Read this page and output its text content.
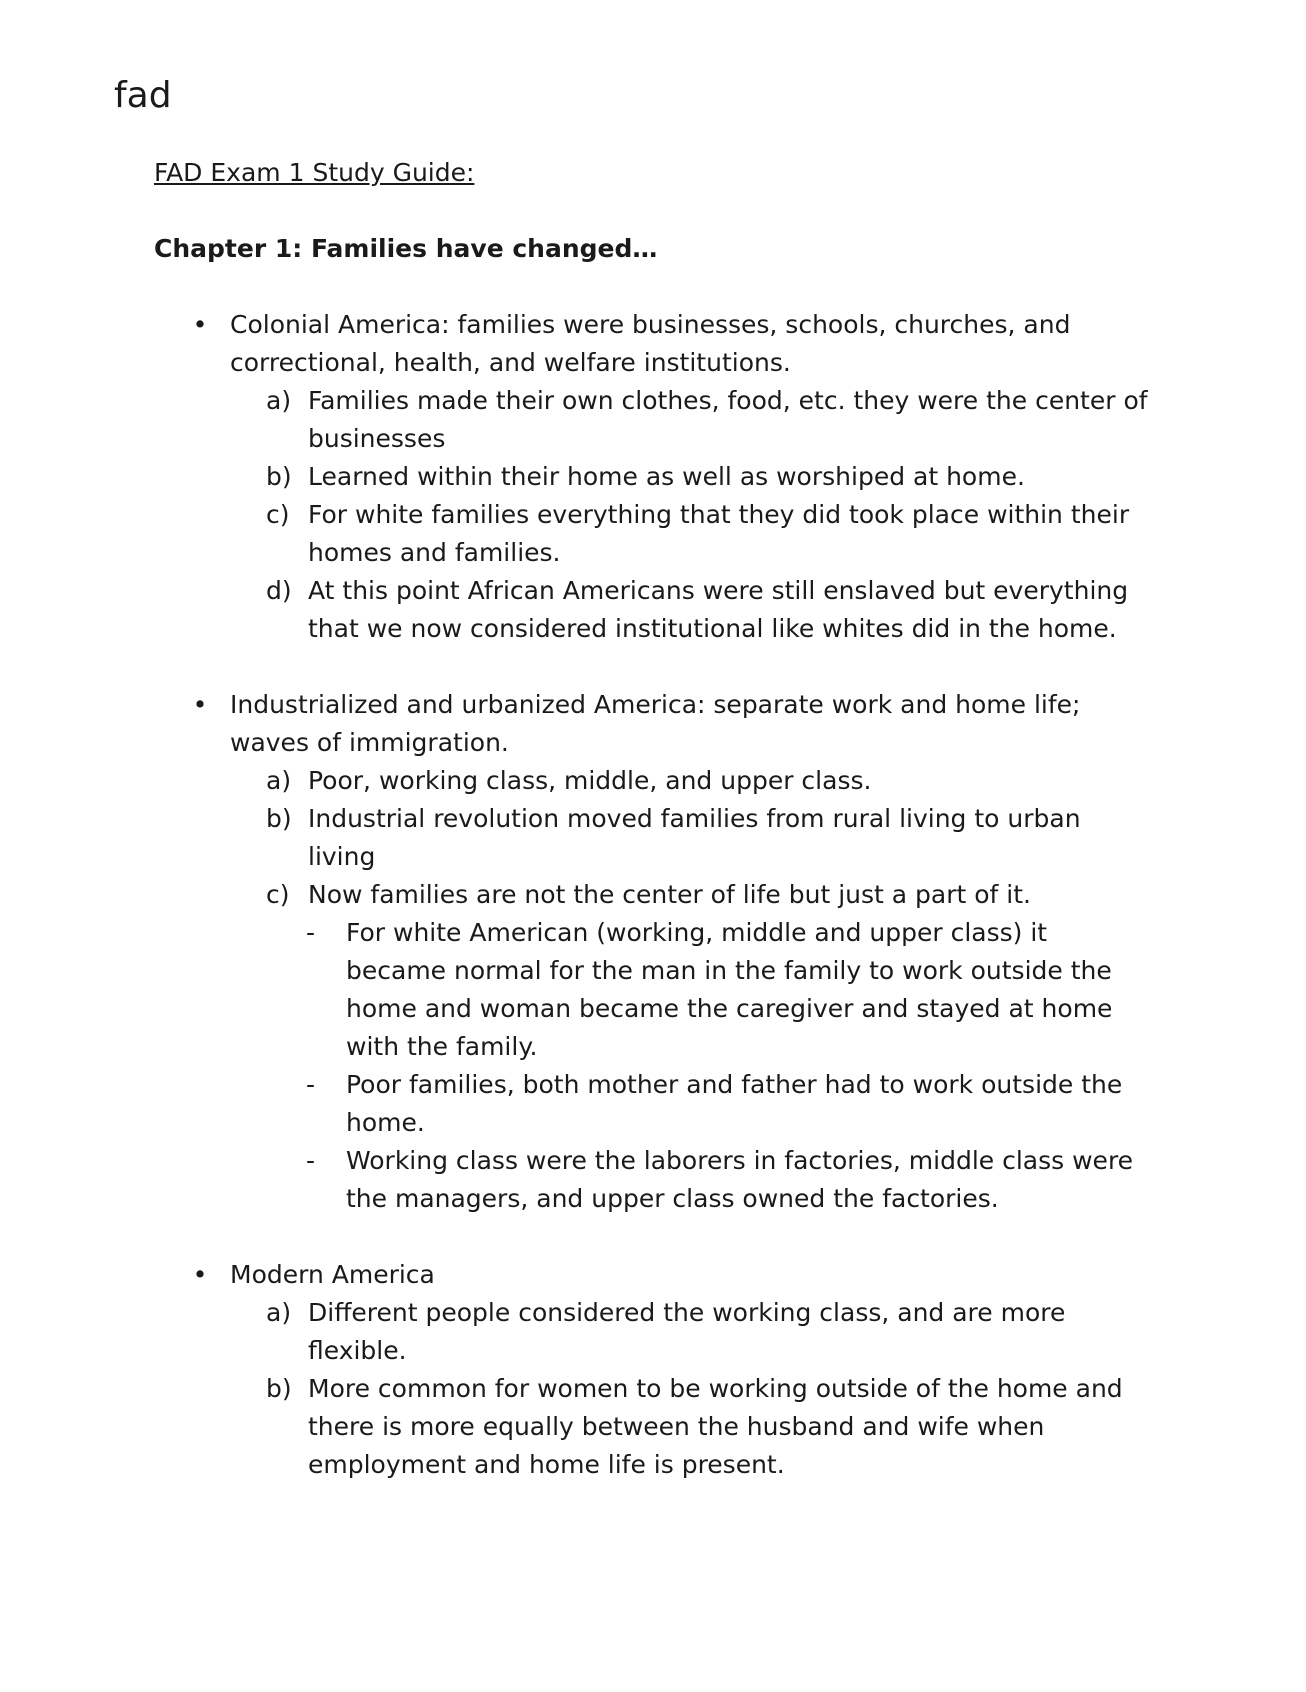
fad
FAD Exam 1 Study Guide:
Chapter 1: Families have changed…
• Colonial America: families were businesses, schools, churches, and correctional, health, and welfare institutions.
a) Families made their own clothes, food, etc. they were the center of businesses
b) Learned within their home as well as worshiped at home.
c) For white families everything that they did took place within their homes and families.
d) At this point African Americans were still enslaved but everything that we now considered institutional like whites did in the home.
• Industrialized and urbanized America: separate work and home life; waves of immigration.
a) Poor, working class, middle, and upper class.
b) Industrial revolution moved families from rural living to urban living
c) Now families are not the center of life but just a part of it.
-	For white American (working, middle and upper class) it became normal for the man in the family to work outside the home and woman became the caregiver and stayed at home with the family.
-	Poor families, both mother and father had to work outside the home.
-	Working class were the laborers in factories, middle class were the managers, and upper class owned the factories.
• Modern America
a) Different people considered the working class, and are more flexible.
b) More common for women to be working outside of the home and there is more equally between the husband and wife when employment and home life is present.
